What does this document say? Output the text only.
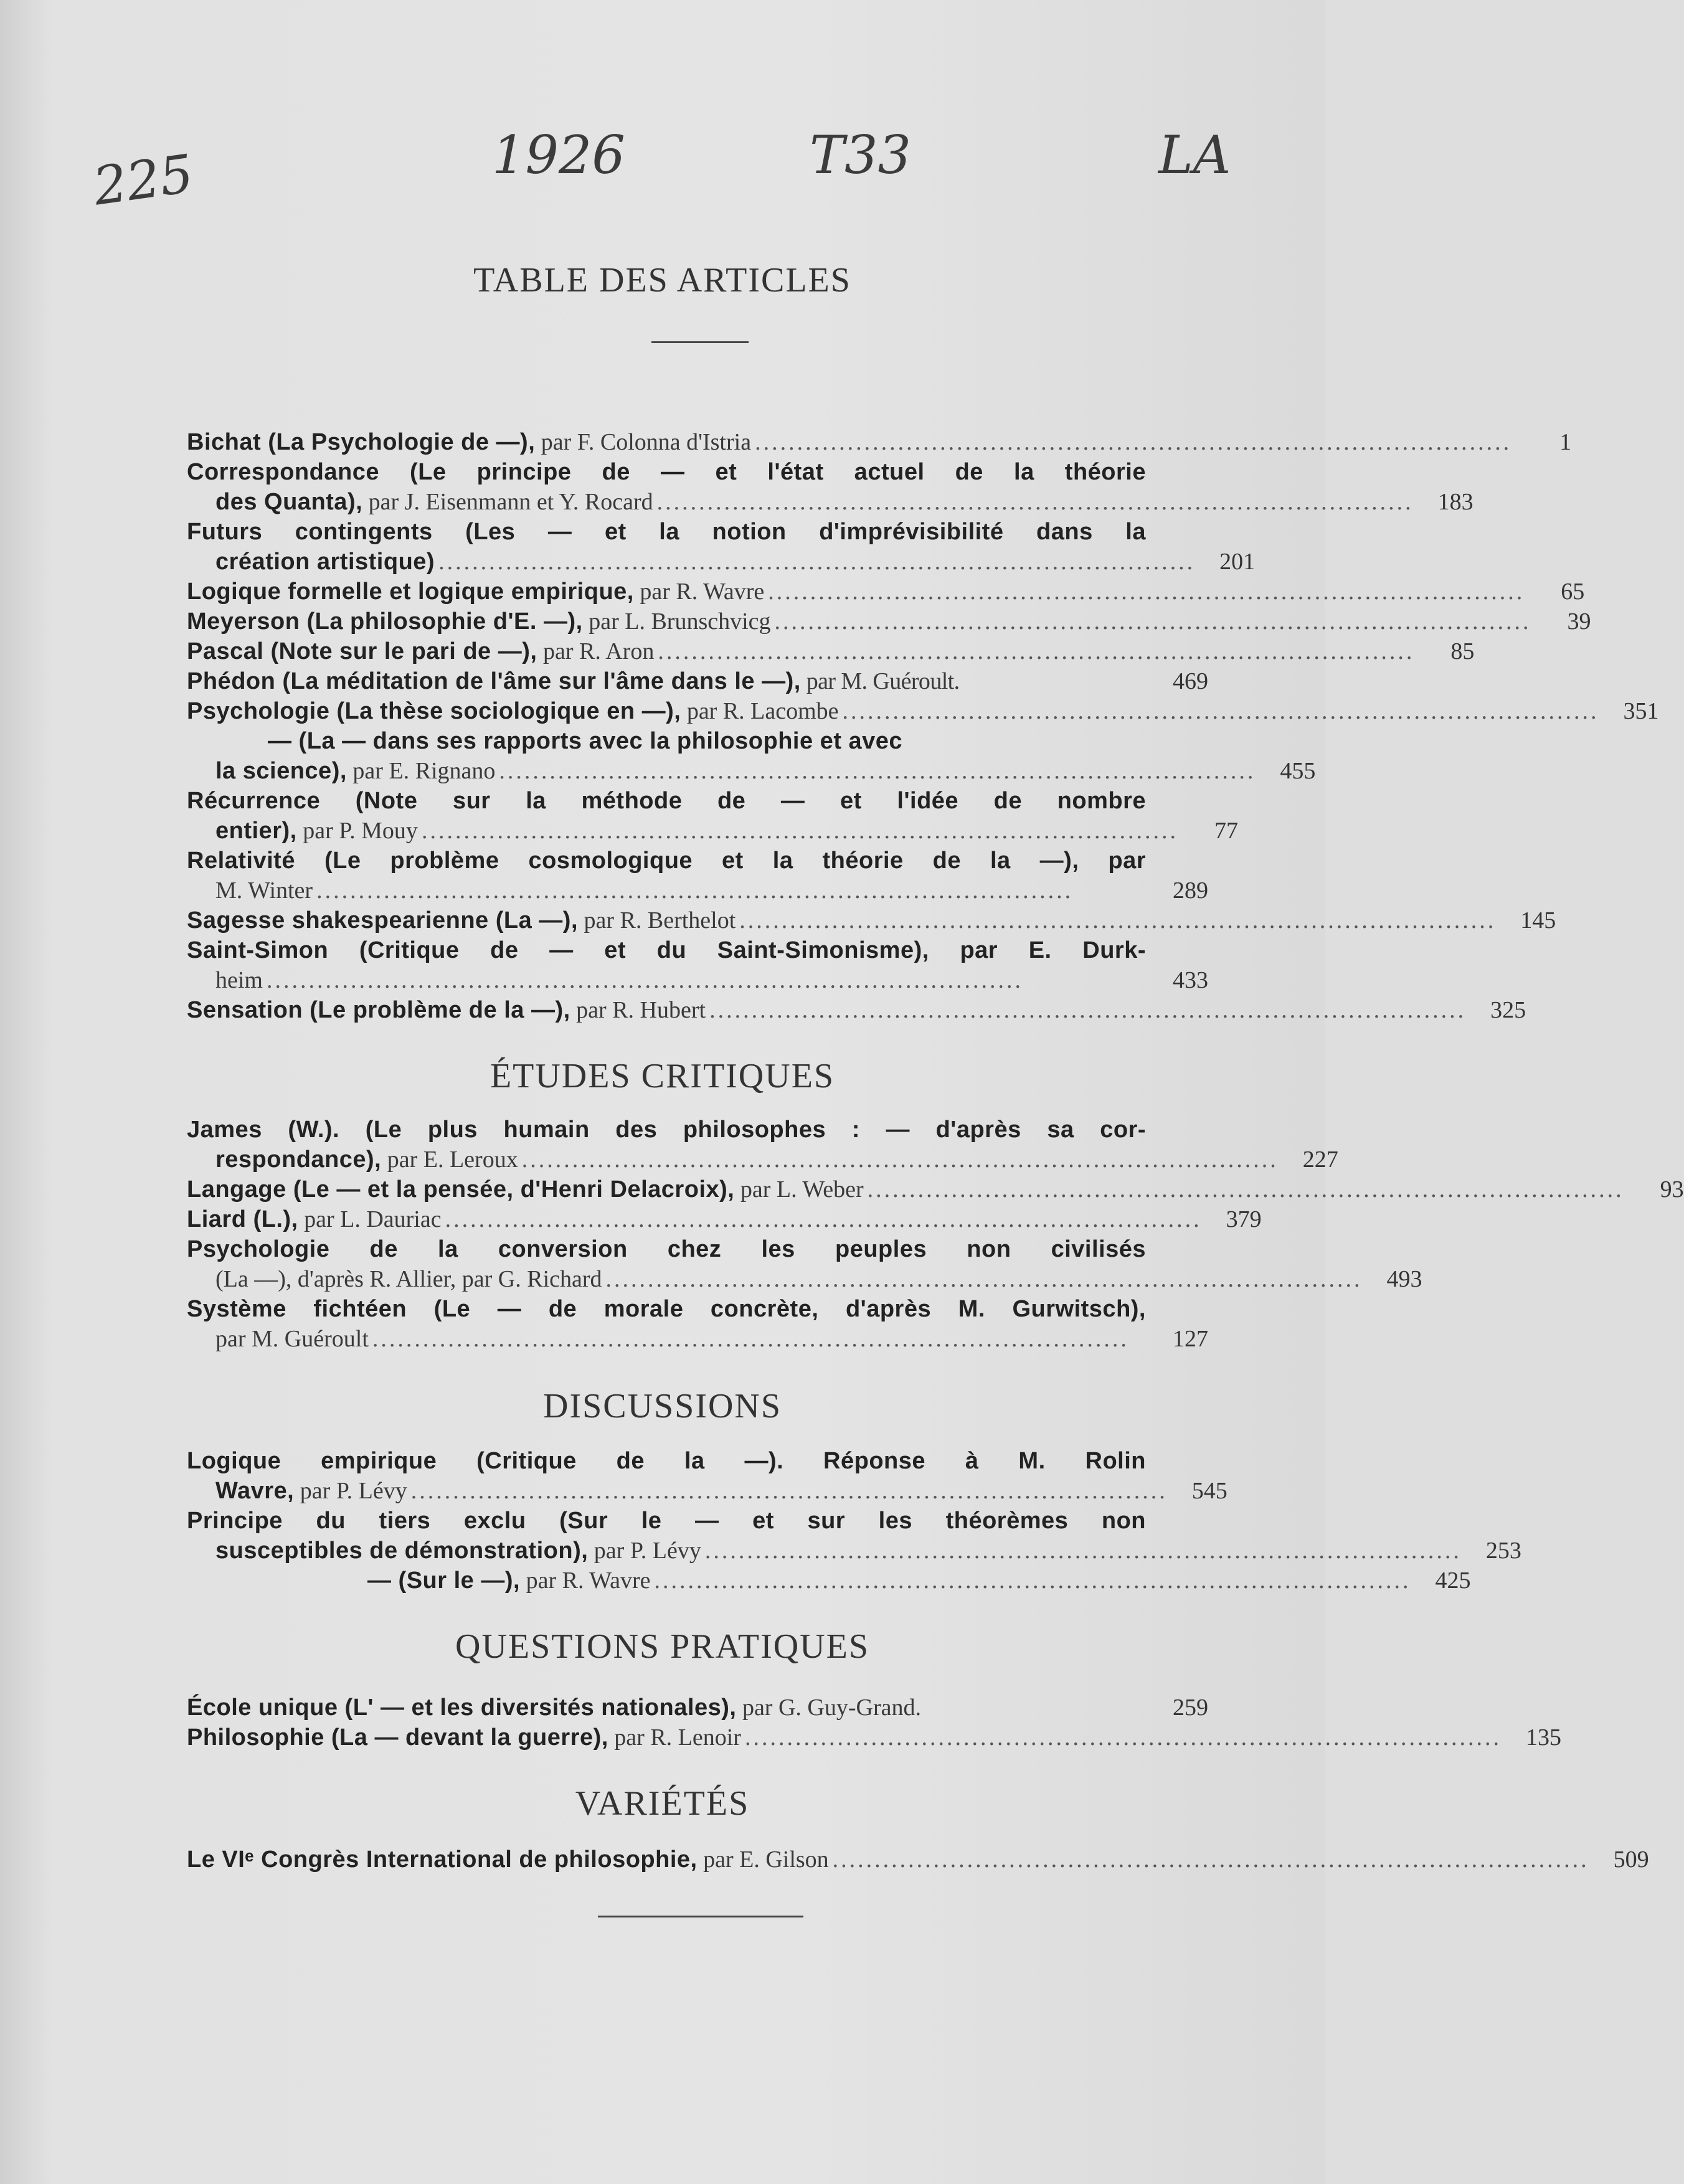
225	1926	T33	LA
TABLE DES ARTICLES
Bichat (La Psychologie de —), par F. Colonna d'Istria ..........................................................................................	1
Correspondance (Le principe de — et l'état actuel de la théorie
des Quanta), par J. Eisenmann et Y. Rocard ..........................................................................................	183
Futurs contingents (Les — et la notion d'imprévisibilité dans la
création artistique) ..........................................................................................	201
Logique formelle et logique empirique, par R. Wavre ..........................................................................................	65
Meyerson (La philosophie d'E. —), par L. Brunschvicg ..........................................................................................	39
Pascal (Note sur le pari de —), par R. Aron ..........................................................................................	85
Phédon (La méditation de l'âme sur l'âme dans le —), par M. Guéroult.	469
Psychologie (La thèse sociologique en —), par R. Lacombe ..........................................................................................	351
— (La — dans ses rapports avec la philosophie et avec
la science), par E. Rignano ..........................................................................................	455
Récurrence (Note sur la méthode de — et l'idée de nombre
entier), par P. Mouy ..........................................................................................	77
Relativité (Le problème cosmologique et la théorie de la —), par
M. Winter ..........................................................................................	289
Sagesse shakespearienne (La —), par R. Berthelot ..........................................................................................	145
Saint-Simon (Critique de — et du Saint-Simonisme), par E. Durk-
heim ..........................................................................................	433
Sensation (Le problème de la —), par R. Hubert ..........................................................................................	325
ÉTUDES CRITIQUES
James (W.). (Le plus humain des philosophes : — d'après sa cor-
respondance), par E. Leroux ..........................................................................................	227
Langage (Le — et la pensée, d'Henri Delacroix), par L. Weber ..........................................................................................	93
Liard (L.), par L. Dauriac ..........................................................................................	379
Psychologie de la conversion chez les peuples non civilisés
(La —), d'après R. Allier, par G. Richard ..........................................................................................	493
Système fichtéen (Le — de morale concrète, d'après M. Gurwitsch),
par M. Guéroult ..........................................................................................	127
DISCUSSIONS
Logique empirique (Critique de la —). Réponse à M. Rolin
Wavre, par P. Lévy ..........................................................................................	545
Principe du tiers exclu (Sur le — et sur les théorèmes non
susceptibles de démonstration), par P. Lévy ..........................................................................................	253
— (Sur le —), par R. Wavre ..........................................................................................	425
QUESTIONS PRATIQUES
École unique (L' — et les diversités nationales), par G. Guy-Grand.	259
Philosophie (La — devant la guerre), par R. Lenoir ..........................................................................................	135
VARIÉTÉS
Le VIᵉ Congrès International de philosophie, par E. Gilson ..........................................................................................	509
